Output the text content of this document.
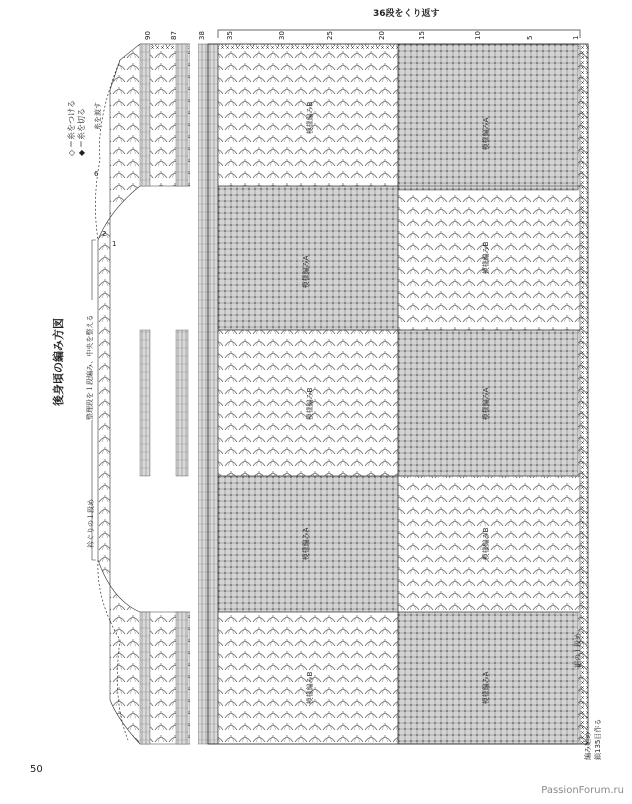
後身頃の編み方図
＝糸をつける ＝糸を切る
◇ ◆
36段をくり返す
整理段を１段編み、中央を整える
衿ぐりの１段め
糸を渡す
裾の１段め
編み始め 鎖135目作る
模様編みA
模様編みB
模様編みA	模様編みB
模様編みB	模様編みA
模様編みA	模様編みB
模様編みB	模様編みA
90	87	38	35	30	25	20	15	10	5	1
6
2
1
50
PassionForum.ru
